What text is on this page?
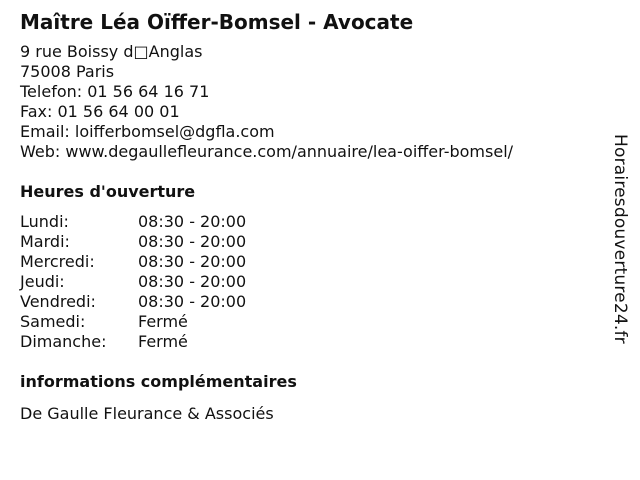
Maître Léa Oïffer-Bomsel - Avocate
9 rue Boissy d□Anglas
75008 Paris
Telefon: 01 56 64 16 71
Fax: 01 56 64 00 01
Email: loifferbomsel@dgfla.com
Web: www.degaullefleurance.com/annuaire/lea-oiffer-bomsel/
Heures d'ouverture
Lundi:	08:30 - 20:00
Mardi:	08:30 - 20:00
Mercredi:	08:30 - 20:00
Jeudi:	08:30 - 20:00
Vendredi:	08:30 - 20:00
Samedi:	Fermé
Dimanche:	Fermé
informations complémentaires
De Gaulle Fleurance & Associés
Horairesdouverture24.fr
